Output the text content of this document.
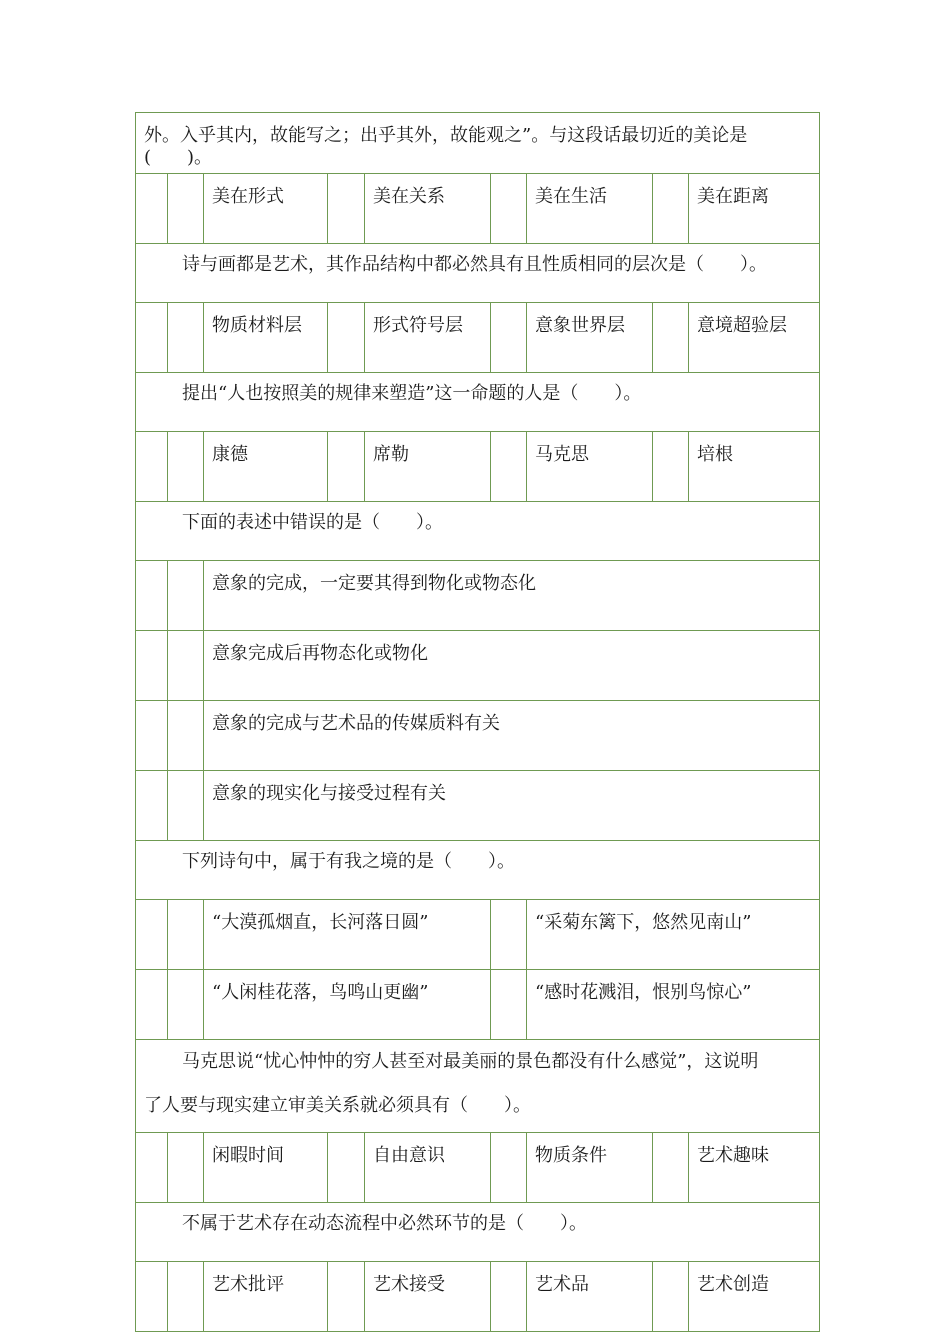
外。入乎其内，故能写之；出乎其外，故能观之”。与这段话最切近的美论是(　　)。								
		美在形式		美在关系		美在生活		美在距离
诗与画都是艺术，其作品结构中都必然具有且性质相同的层次是（　　）。								
		物质材料层		形式符号层		意象世界层		意境超验层
提出“人也按照美的规律来塑造”这一命题的人是（　　）。								
		康德		席勒		马克思		培根
下面的表述中错误的是（　　）。								
		意象的完成，一定要其得到物化或物态化						
		意象完成后再物态化或物化						
		意象的完成与艺术品的传媒质料有关						
		意象的现实化与接受过程有关						
下列诗句中，属于有我之境的是（　　）。								
		“大漠孤烟直，长河落日圆”				“采菊东篱下，悠然见南山”		
		“人闲桂花落，鸟鸣山更幽”				“感时花溅泪，恨别鸟惊心”		

马克思说“忧心忡忡的穷人甚至对最美丽的景色都没有什么感觉”，这说明
了人要与现实建立审美关系就必须具有（　　）。								

		闲暇时间		自由意识		物质条件		艺术趣味
不属于艺术存在动态流程中必然环节的是（　　）。								
		艺术批评		艺术接受		艺术品		艺术创造
